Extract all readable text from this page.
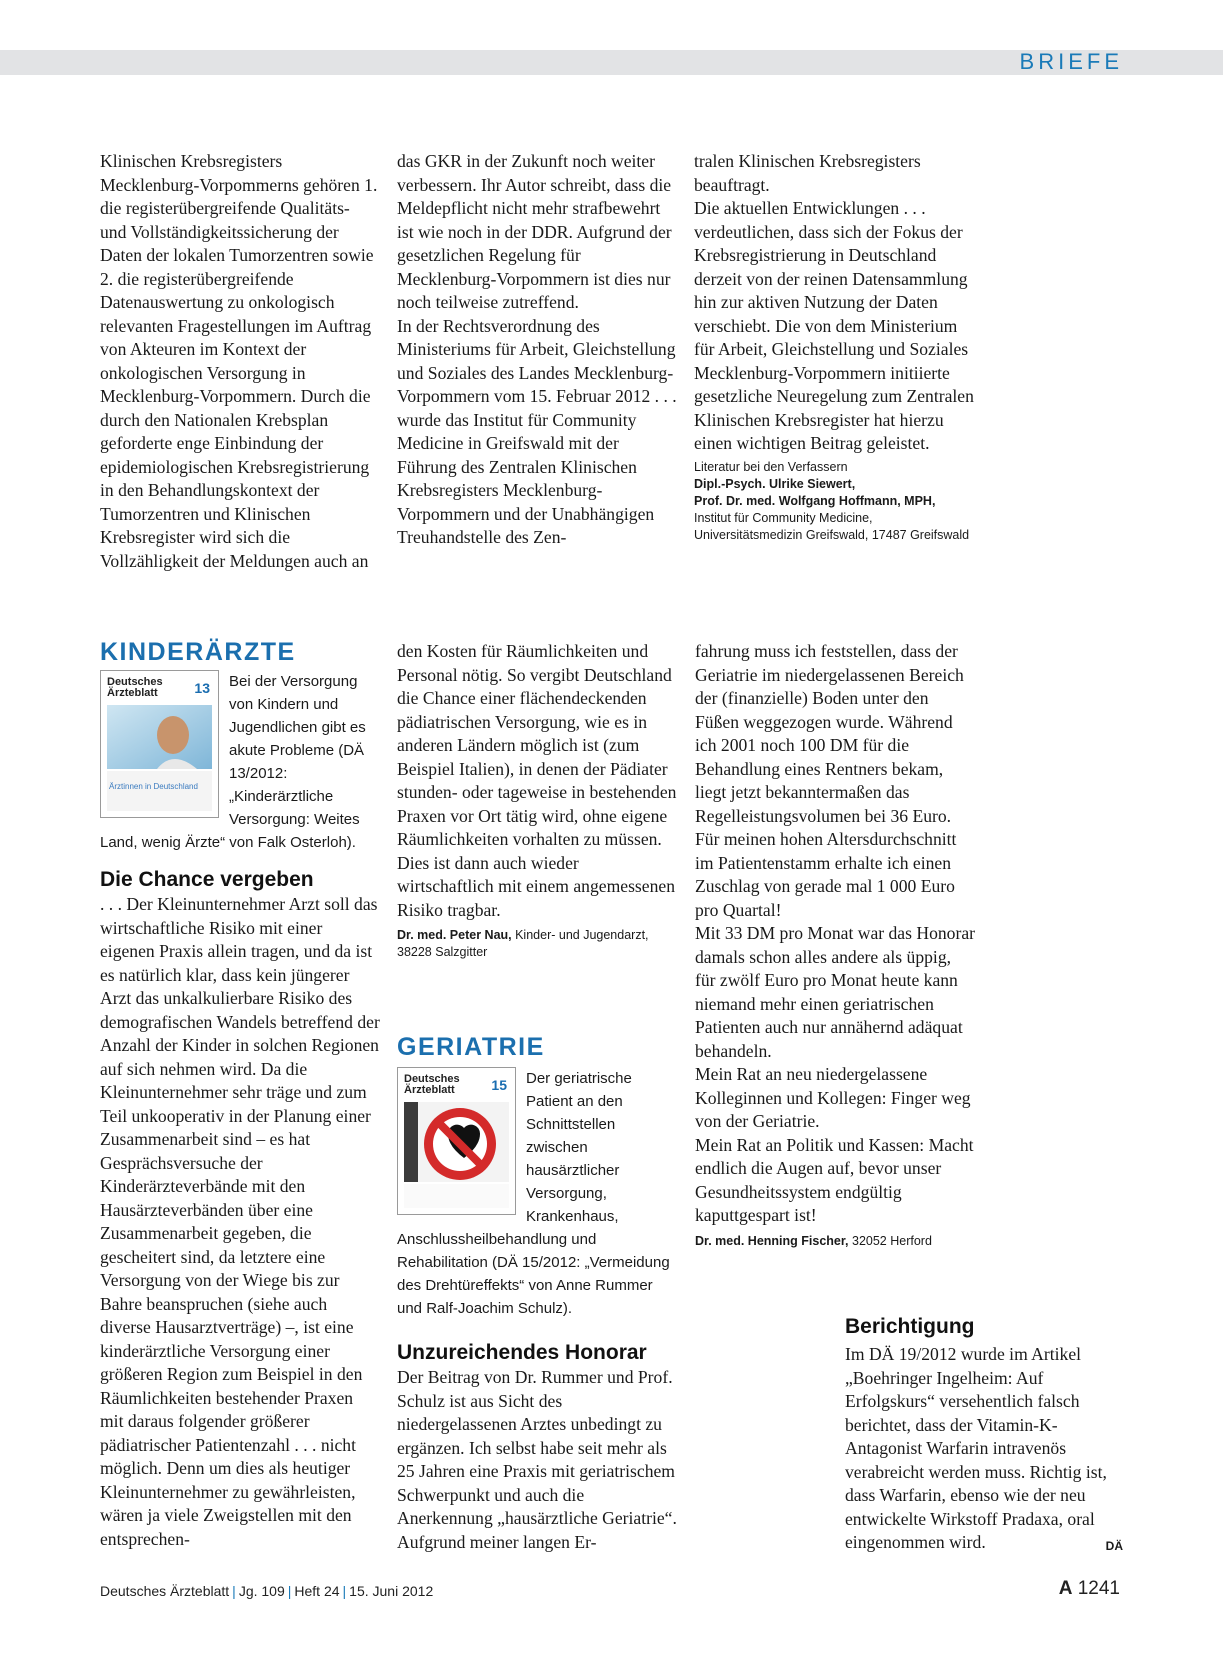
BRIEFE

Klinischen Krebsregisters Mecklenburg-Vorpommerns gehören 1. die registerübergreifende Qualitäts- und Vollständigkeitssicherung der Daten der lokalen Tumorzentren sowie 2. die registerübergreifende Datenauswertung zu onkologisch relevanten Fragestellungen im Auftrag von Akteuren im Kontext der onkologischen Versorgung in Mecklenburg-Vorpommern. Durch die durch den Nationalen Krebsplan geforderte enge Einbindung der epidemiologischen Krebsregistrierung in den Behandlungskontext der Tumorzentren und Klinischen Krebsregister wird sich die Vollzähligkeit der Meldungen auch an

das GKR in der Zukunft noch weiter verbessern. Ihr Autor schreibt, dass die Meldepflicht nicht mehr strafbewehrt ist wie noch in der DDR. Aufgrund der gesetzlichen Regelung für Mecklenburg-Vorpommern ist dies nur noch teilweise zutreffend.

In der Rechtsverordnung des Ministeriums für Arbeit, Gleichstellung und Soziales des Landes Mecklenburg-Vorpommern vom 15. Februar 2012 . . . wurde das Institut für Community Medicine in Greifswald mit der Führung des Zentralen Klinischen Krebsregisters Mecklenburg-Vorpommern und der Unabhängigen Treuhandstelle des Zen-

tralen Klinischen Krebsregisters beauftragt.

Die aktuellen Entwicklungen . . . verdeutlichen, dass sich der Fokus der Krebsregistrierung in Deutschland derzeit von der reinen Datensammlung hin zur aktiven Nutzung der Daten verschiebt. Die von dem Ministerium für Arbeit, Gleichstellung und Soziales Mecklenburg-Vorpommern initiierte gesetzliche Neuregelung zum Zentralen Klinischen Krebsregister hat hierzu einen wichtigen Beitrag geleistet.

Literatur bei den Verfassern

Dipl.-Psych. Ulrike Siewert,

Prof. Dr. med. Wolfgang Hoffmann, MPH,

Institut für Community Medicine, Universitätsmedizin Greifswald, 17487 Greifswald

KINDERÄRZTE
Deutsches Ärzteblatt	13
Ärztinnen in Deutschland
Bei der Versorgung von Kindern und Jugendlichen gibt es akute Probleme (DÄ 13/2012: „Kinderärztliche Versorgung: Weites Land, wenig Ärzte“ von Falk Osterloh).

Die Chance vergeben

. . . Der Kleinunternehmer Arzt soll das wirtschaftliche Risiko mit einer eigenen Praxis allein tragen, und da ist es natürlich klar, dass kein jüngerer Arzt das unkalkulierbare Risiko des demografischen Wandels betreffend der Anzahl der Kinder in solchen Regionen auf sich nehmen wird. Da die Kleinunternehmer sehr träge und zum Teil unkooperativ in der Planung einer Zusammenarbeit sind – es hat Gesprächsversuche der Kinderärzteverbände mit den Hausärzteverbänden über eine Zusammenarbeit gegeben, die gescheitert sind, da letztere eine Versorgung von der Wiege bis zur Bahre beanspruchen (siehe auch diverse Hausarztverträge) –, ist eine kinderärztliche Versorgung einer größeren Region zum Beispiel in den Räumlichkeiten bestehender Praxen mit daraus folgender größerer pädiatrischer Patientenzahl . . . nicht möglich. Denn um dies als heutiger Kleinunternehmer zu gewährleisten, wären ja viele Zweigstellen mit den entsprechen-

den Kosten für Räumlichkeiten und Personal nötig. So vergibt Deutschland die Chance einer flächendeckenden pädiatrischen Versorgung, wie es in anderen Ländern möglich ist (zum Beispiel Italien), in denen der Pädiater stunden- oder tageweise in bestehenden Praxen vor Ort tätig wird, ohne eigene Räumlichkeiten vorhalten zu müssen. Dies ist dann auch wieder wirtschaftlich mit einem angemessenen Risiko tragbar.

Dr. med. Peter Nau, Kinder- und Jugendarzt, 38228 Salzgitter

GERIATRIE
Deutsches Ärzteblatt	15 Der geriatrische Patient an den Schnittstellen zwischen hausärztlicher Versorgung, Krankenhaus, Anschlussheilbehandlung und Rehabilitation (DÄ 15/2012: „Vermeidung des Drehtüreffekts“ von Anne Rummer und Ralf-Joachim Schulz).

Unzureichendes Honorar

Der Beitrag von Dr. Rummer und Prof. Schulz ist aus Sicht des niedergelassenen Arztes unbedingt zu ergänzen. Ich selbst habe seit mehr als 25 Jahren eine Praxis mit geriatrischem Schwerpunkt und auch die Anerkennung „hausärztliche Geriatrie“. Aufgrund meiner langen Er-

fahrung muss ich feststellen, dass der Geriatrie im niedergelassenen Bereich der (finanzielle) Boden unter den Füßen weggezogen wurde. Während ich 2001 noch 100 DM für die Behandlung eines Rentners bekam, liegt jetzt bekanntermaßen das Regelleistungsvolumen bei 36 Euro. Für meinen hohen Altersdurchschnitt im Patientenstamm erhalte ich einen Zuschlag von gerade mal 1 000 Euro pro Quartal!

Mit 33 DM pro Monat war das Honorar damals schon alles andere als üppig, für zwölf Euro pro Monat heute kann niemand mehr einen geriatrischen Patienten auch nur annähernd adäquat behandeln.

Mein Rat an neu niedergelassene Kolleginnen und Kollegen: Finger weg von der Geriatrie.

Mein Rat an Politik und Kassen: Macht endlich die Augen auf, bevor unser Gesundheitssystem endgültig kaputtgespart ist!

Dr. med. Henning Fischer, 32052 Herford

Berichtigung

Im DÄ 19/2012 wurde im Artikel „Boehringer Ingelheim: Auf Erfolgskurs“ versehentlich falsch berichtet, dass der Vitamin-K-Antagonist Warfarin intravenös verabreicht werden muss. Richtig ist, dass Warfarin, ebenso wie der neu entwickelte Wirkstoff Pradaxa, oral eingenommen wird.	DÄ

Deutsches Ärzteblatt | Jg. 109 | Heft 24 | 15. Juni 2012	A 1241
